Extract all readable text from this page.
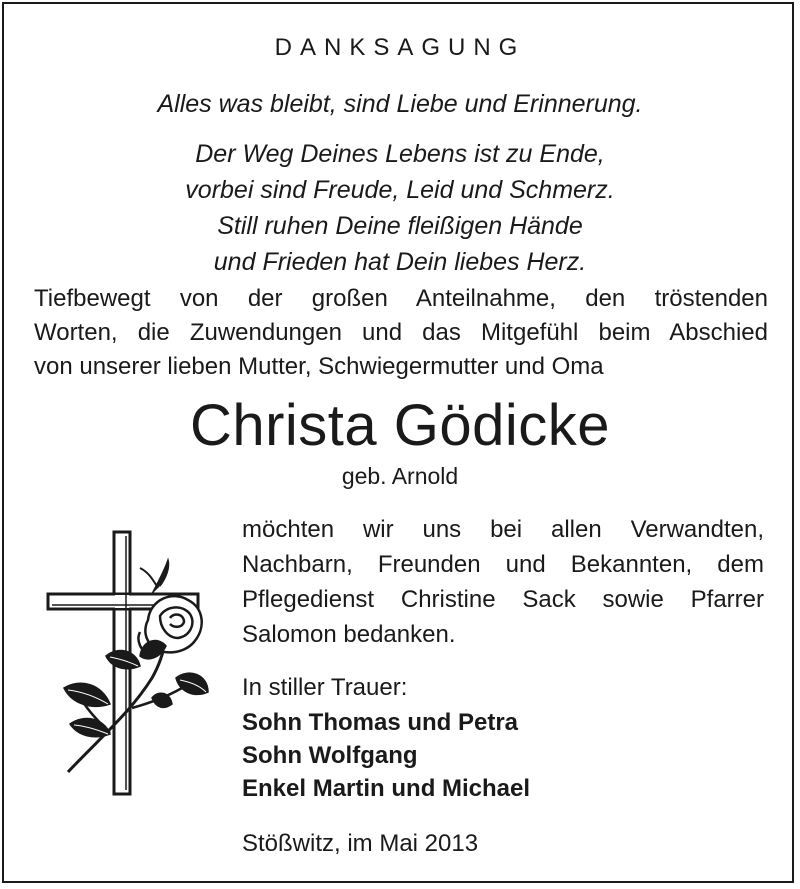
DANKSAGUNG

Alles was bleibt, sind Liebe und Erinnerung.

Der Weg Deines Lebens ist zu Ende,
vorbei sind Freude, Leid und Schmerz.
Still ruhen Deine fleißigen Hände
und Frieden hat Dein liebes Herz.
Tiefbewegt von der großen Anteilnahme, den tröstenden
Worten, die Zuwendungen und das Mitgefühl beim Abschied
von unserer lieben Mutter, Schwiegermutter und Oma

Christa Gödicke

geb. Arnold

möchten wir uns bei allen Verwandten,
Nachbarn, Freunden und Bekannten, dem
Pflegedienst Christine Sack sowie Pfarrer
Salomon bedanken.

In stiller Trauer:

Sohn Thomas und Petra
Sohn Wolfgang
Enkel Martin und Michael

Stößwitz, im Mai 2013
